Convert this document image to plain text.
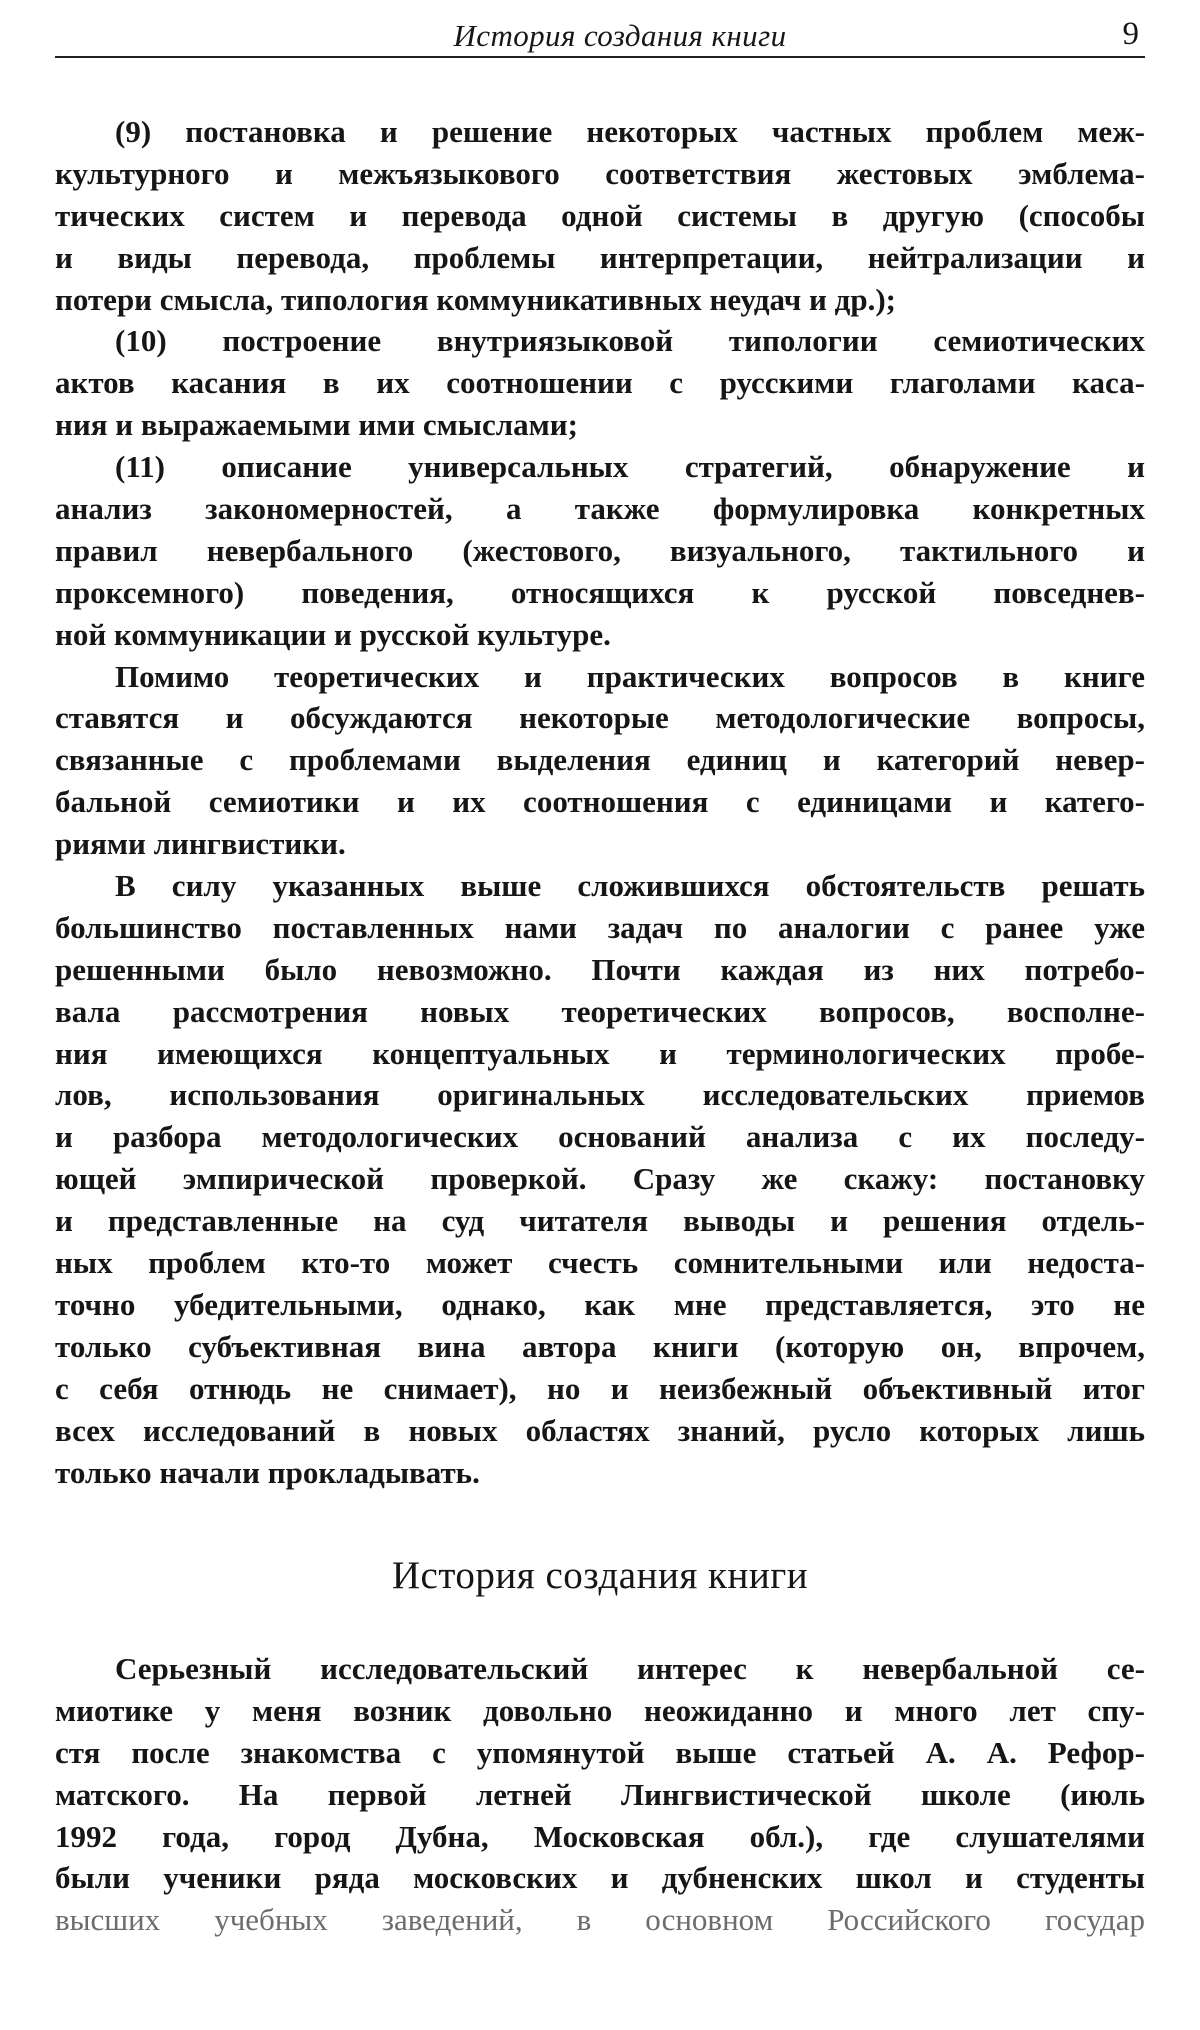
История создания книги	9
(9) постановка и решение некоторых частных проблем меж-
культурного и межъязыкового соответствия жестовых эмблема-
тических систем и перевода одной системы в другую (способы
и виды перевода, проблемы интерпретации, нейтрализации и
потери смысла, типология коммуникативных неудач и др.);
(10) построение внутриязыковой типологии семиотических
актов касания в их соотношении с русскими глаголами каса-
ния и выражаемыми ими смыслами;
(11) описание универсальных стратегий, обнаружение и
анализ закономерностей, а также формулировка конкретных
правил невербального (жестового, визуального, тактильного и
проксемного) поведения, относящихся к русской повседнев-
ной коммуникации и русской культуре.
Помимо теоретических и практических вопросов в книге
ставятся и обсуждаются некоторые методологические вопросы,
связанные с проблемами выделения единиц и категорий невер-
бальной семиотики и их соотношения с единицами и катего-
риями лингвистики.
В силу указанных выше сложившихся обстоятельств решать
большинство поставленных нами задач по аналогии с ранее уже
решенными было невозможно. Почти каждая из них потребо-
вала рассмотрения новых теоретических вопросов, восполне-
ния имеющихся концептуальных и терминологических пробе-
лов, использования оригинальных исследовательских приемов
и разбора методологических оснований анализа с их последу-
ющей эмпирической проверкой. Сразу же скажу: постановку
и представленные на суд читателя выводы и решения отдель-
ных проблем кто-то может счесть сомнительными или недоста-
точно убедительными, однако, как мне представляется, это не
только субъективная вина автора книги (которую он, впрочем,
с себя отнюдь не снимает), но и неизбежный объективный итог
всех исследований в новых областях знаний, русло которых лишь
только начали прокладывать.
История создания книги
Серьезный исследовательский интерес к невербальной се-
миотике у меня возник довольно неожиданно и много лет спу-
стя после знакомства с упомянутой выше статьей А. А. Рефор-
матского. На первой летней Лингвистической школе (июль
1992 года, город Дубна, Московская обл.), где слушателями
были ученики ряда московских и дубненских школ и студенты
высших учебных заведений, в основном Российского государ
